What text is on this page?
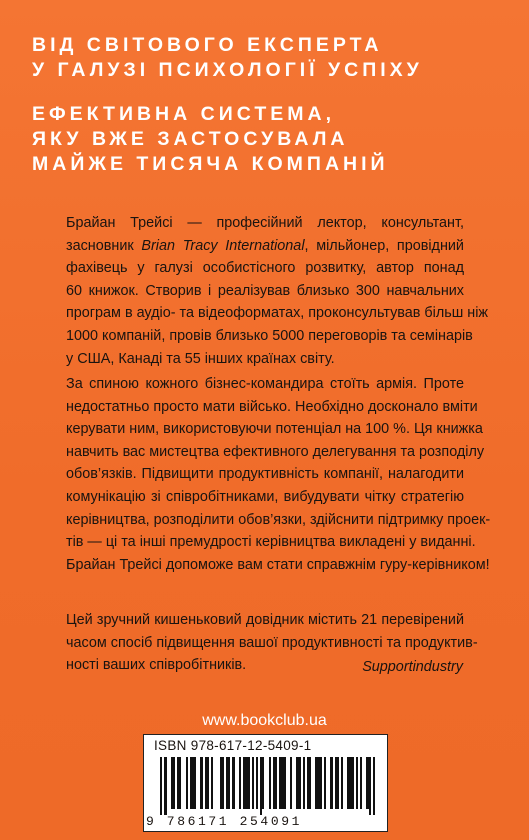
ВІД СВІТОВОГО ЕКСПЕРТА
У ГАЛУЗІ ПСИХОЛОГІЇ УСПІХУ
ЕФЕКТИВНА СИСТЕМА,
ЯКУ ВЖЕ ЗАСТОСУВАЛА
МАЙЖЕ ТИСЯЧА КОМПАНІЙ
Брайан Трейсі — професійний лектор, консультант,
засновник Brian Tracy International, мільйонер, провідний
фахівець у галузі особистісного розвитку, автор понад
60 книжок. Створив і реалізував близько 300 навчальних
програм в аудіо- та відеоформатах, проконсультував більш ніж
1000 компаній, провів близько 5000 переговорів та семінарів
у США, Канаді та 55 інших країнах світу.
За спиною кожного бізнес-командира стоїть армія. Проте
недостатньо просто мати військо. Необхідно досконало вміти
керувати ним, використовуючи потенціал на 100 %. Ця книжка
навчить вас мистецтва ефективного делегування та розподілу
обов’язків. Підвищити продуктивність компанії, налагодити
комунікацію зі співробітниками, вибудувати чітку стратегію
керівництва, розподілити обов’язки, здійснити підтримку проек-
тів — ці та інші премудрості керівництва викладені у виданні.
Брайан Трейсі допоможе вам стати справжнім гуру-керівником!
Цей зручний кишеньковий довідник містить 21 перевірений
часом спосіб підвищення вашої продуктивності та продуктив-
ності ваших співробітників.	Supportindustry
www.bookclub.ua
ISBN 978-617-12-5409-1
9 786171 254091
